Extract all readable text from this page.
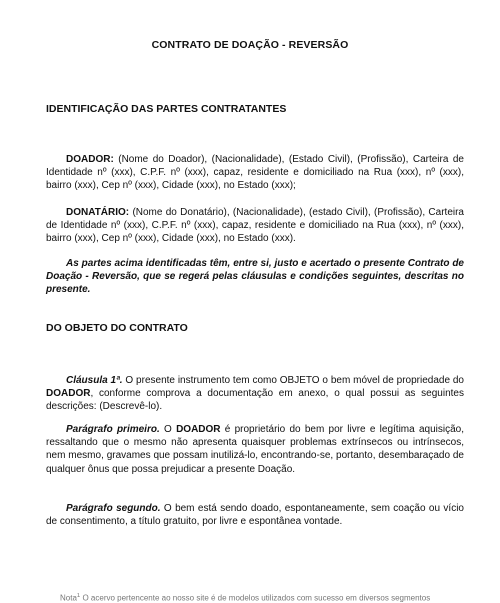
CONTRATO DE DOAÇÃO - REVERSÃO
IDENTIFICAÇÃO DAS PARTES CONTRATANTES

DOADOR: (Nome do Doador), (Nacionalidade), (Estado Civil), (Profissão), Carteira de Identidade nº (xxx), C.P.F. nº (xxx), capaz, residente e domiciliado na Rua (xxx), nº (xxx), bairro (xxx), Cep nº (xxx), Cidade (xxx), no Estado (xxx);

DONATÁRIO: (Nome do Donatário), (Nacionalidade), (estado Civil), (Profissão), Carteira de Identidade nº (xxx), C.P.F. nº (xxx), capaz, residente e domiciliado na Rua (xxx), nº (xxx), bairro (xxx), Cep nº (xxx), Cidade (xxx), no Estado (xxx).

As partes acima identificadas têm, entre si, justo e acertado o presente Contrato de Doação - Reversão, que se regerá pelas cláusulas e condições seguintes, descritas no presente.

DO OBJETO DO CONTRATO

Cláusula 1ª. O presente instrumento tem como OBJETO o bem móvel de propriedade do DOADOR, conforme comprova a documentação em anexo, o qual possui as seguintes descrições: (Descrevê-lo).

Parágrafo primeiro. O DOADOR é proprietário do bem por livre e legítima aquisição, ressaltando que o mesmo não apresenta quaisquer problemas extrínsecos ou intrínsecos, nem mesmo, gravames que possam inutilizá-lo, encontrando-se, portanto, desembaraçado de qualquer ônus que possa prejudicar a presente Doação.

Parágrafo segundo. O bem está sendo doado, espontaneamente, sem coação ou vício de consentimento, a título gratuito, por livre e espontânea vontade.

Nota$^1$ O acervo pertencente ao nosso site é de modelos utilizados com sucesso em diversos segmentos
